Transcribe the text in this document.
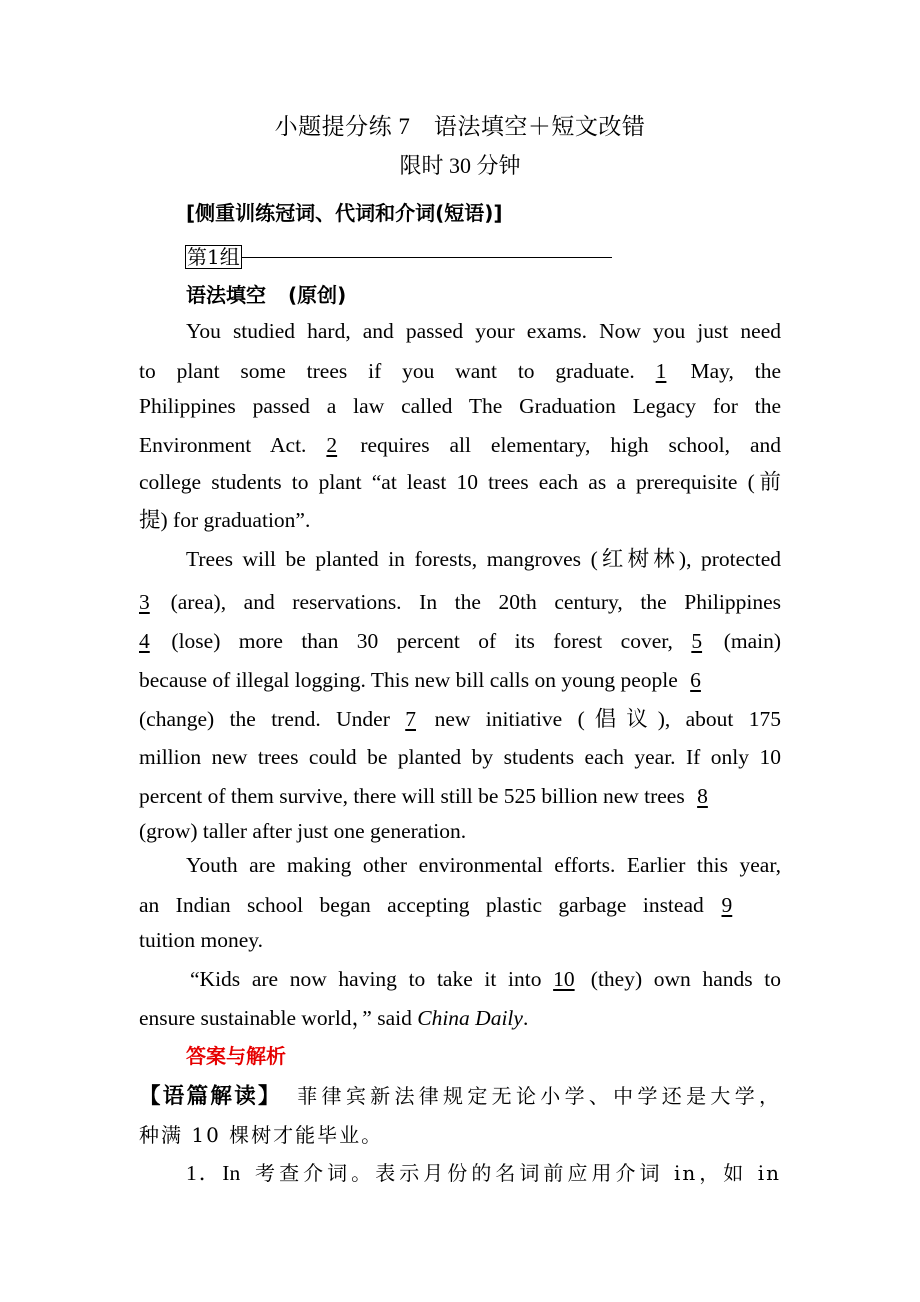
小题提分练 7　语法填空＋短文改错
限时 30 分钟
[侧重训练冠词、代词和介词(短语)]
第1组
语法填空 (原创)
You studied hard, and passed your exams. Now you just need
to plant some trees if you want to graduate. 1 May, the
Philippines passed a law called The Graduation Legacy for the
Environment Act. 2 requires all elementary, high school, and
college students to plant “at least 10 trees each as a prerequisite (前
提) for graduation”.
Trees will be planted in forests, mangroves (红树林), protected
3 (area), and reservations. In the 20th century, the Philippines
4 (lose) more than 30 percent of its forest cover, 5 (main)
because of illegal logging. This new bill calls on young people 6
(change) the trend. Under 7 new initiative (倡议), about 175
million new trees could be planted by students each year. If only 10
percent of them survive, there will still be 525 billion new trees 8
(grow) taller after just one generation.
Youth are making other environmental efforts. Earlier this year,
an Indian school began accepting plastic garbage instead 9
tuition money.
“Kids are now having to take it into 10 (they) own hands to
ensure sustainable world，” said China Daily.
答案与解析
【语篇解读】 菲律宾新法律规定无论小学、中学还是大学，
种满 10 棵树才能毕业。
1．In 考查介词。表示月份的名词前应用介词 in，如 in
